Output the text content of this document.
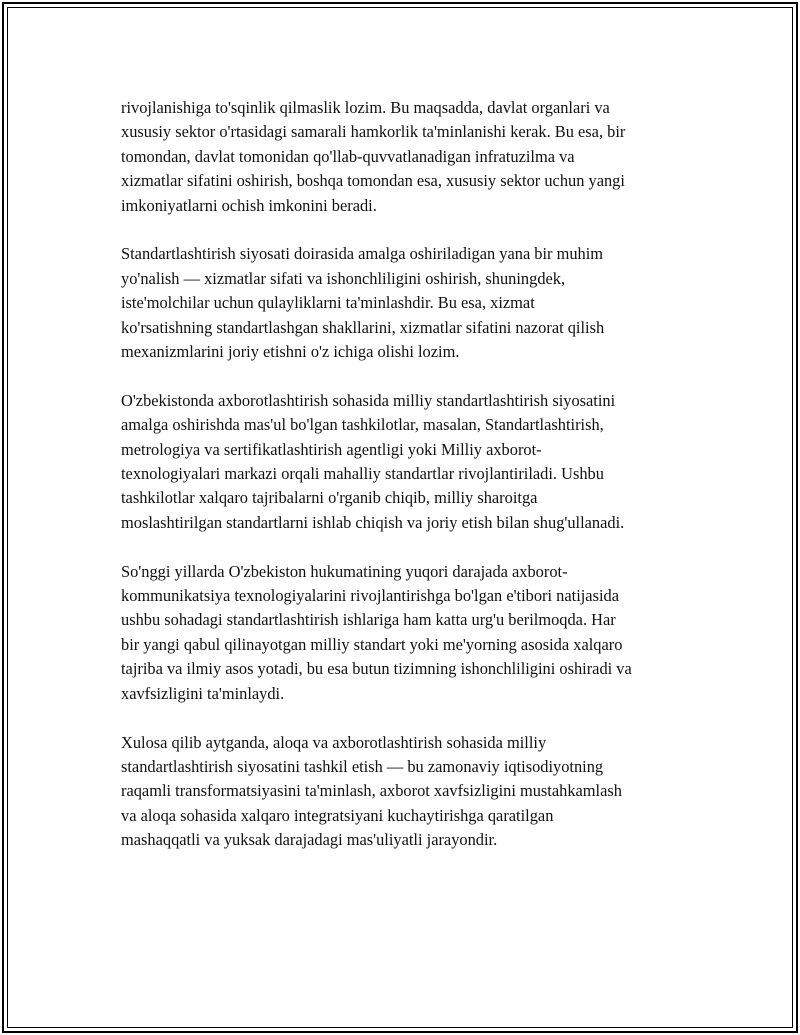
rivojlanishiga to'sqinlik qilmaslik lozim. Bu maqsadda, davlat organlari va
xususiy sektor o'rtasidagi samarali hamkorlik ta'minlanishi kerak. Bu esa, bir
tomondan, davlat tomonidan qo'llab-quvvatlanadigan infratuzilma va
xizmatlar sifatini oshirish, boshqa tomondan esa, xususiy sektor uchun yangi
imkoniyatlarni ochish imkonini beradi.

Standartlashtirish siyosati doirasida amalga oshiriladigan yana bir muhim
yo'nalish — xizmatlar sifati va ishonchliligini oshirish, shuningdek,
iste'molchilar uchun qulayliklarni ta'minlashdir. Bu esa, xizmat
ko'rsatishning standartlashgan shakllarini, xizmatlar sifatini nazorat qilish
mexanizmlarini joriy etishni o'z ichiga olishi lozim.

O'zbekistonda axborotlashtirish sohasida milliy standartlashtirish siyosatini
amalga oshirishda mas'ul bo'lgan tashkilotlar, masalan, Standartlashtirish,
metrologiya va sertifikatlashtirish agentligi yoki Milliy axborot-
texnologiyalari markazi orqali mahalliy standartlar rivojlantiriladi. Ushbu
tashkilotlar xalqaro tajribalarni o'rganib chiqib, milliy sharoitga
moslashtirilgan standartlarni ishlab chiqish va joriy etish bilan shug'ullanadi.

So'nggi yillarda O'zbekiston hukumatining yuqori darajada axborot-
kommunikatsiya texnologiyalarini rivojlantirishga bo'lgan e'tibori natijasida
ushbu sohadagi standartlashtirish ishlariga ham katta urg'u berilmoqda. Har
bir yangi qabul qilinayotgan milliy standart yoki me'yorning asosida xalqaro
tajriba va ilmiy asos yotadi, bu esa butun tizimning ishonchliligini oshiradi va
xavfsizligini ta'minlaydi.

Xulosa qilib aytganda, aloqa va axborotlashtirish sohasida milliy
standartlashtirish siyosatini tashkil etish — bu zamonaviy iqtisodiyotning
raqamli transformatsiyasini ta'minlash, axborot xavfsizligini mustahkamlash
va aloqa sohasida xalqaro integratsiyani kuchaytirishga qaratilgan
mashaqqatli va yuksak darajadagi mas'uliyatli jarayondir.
